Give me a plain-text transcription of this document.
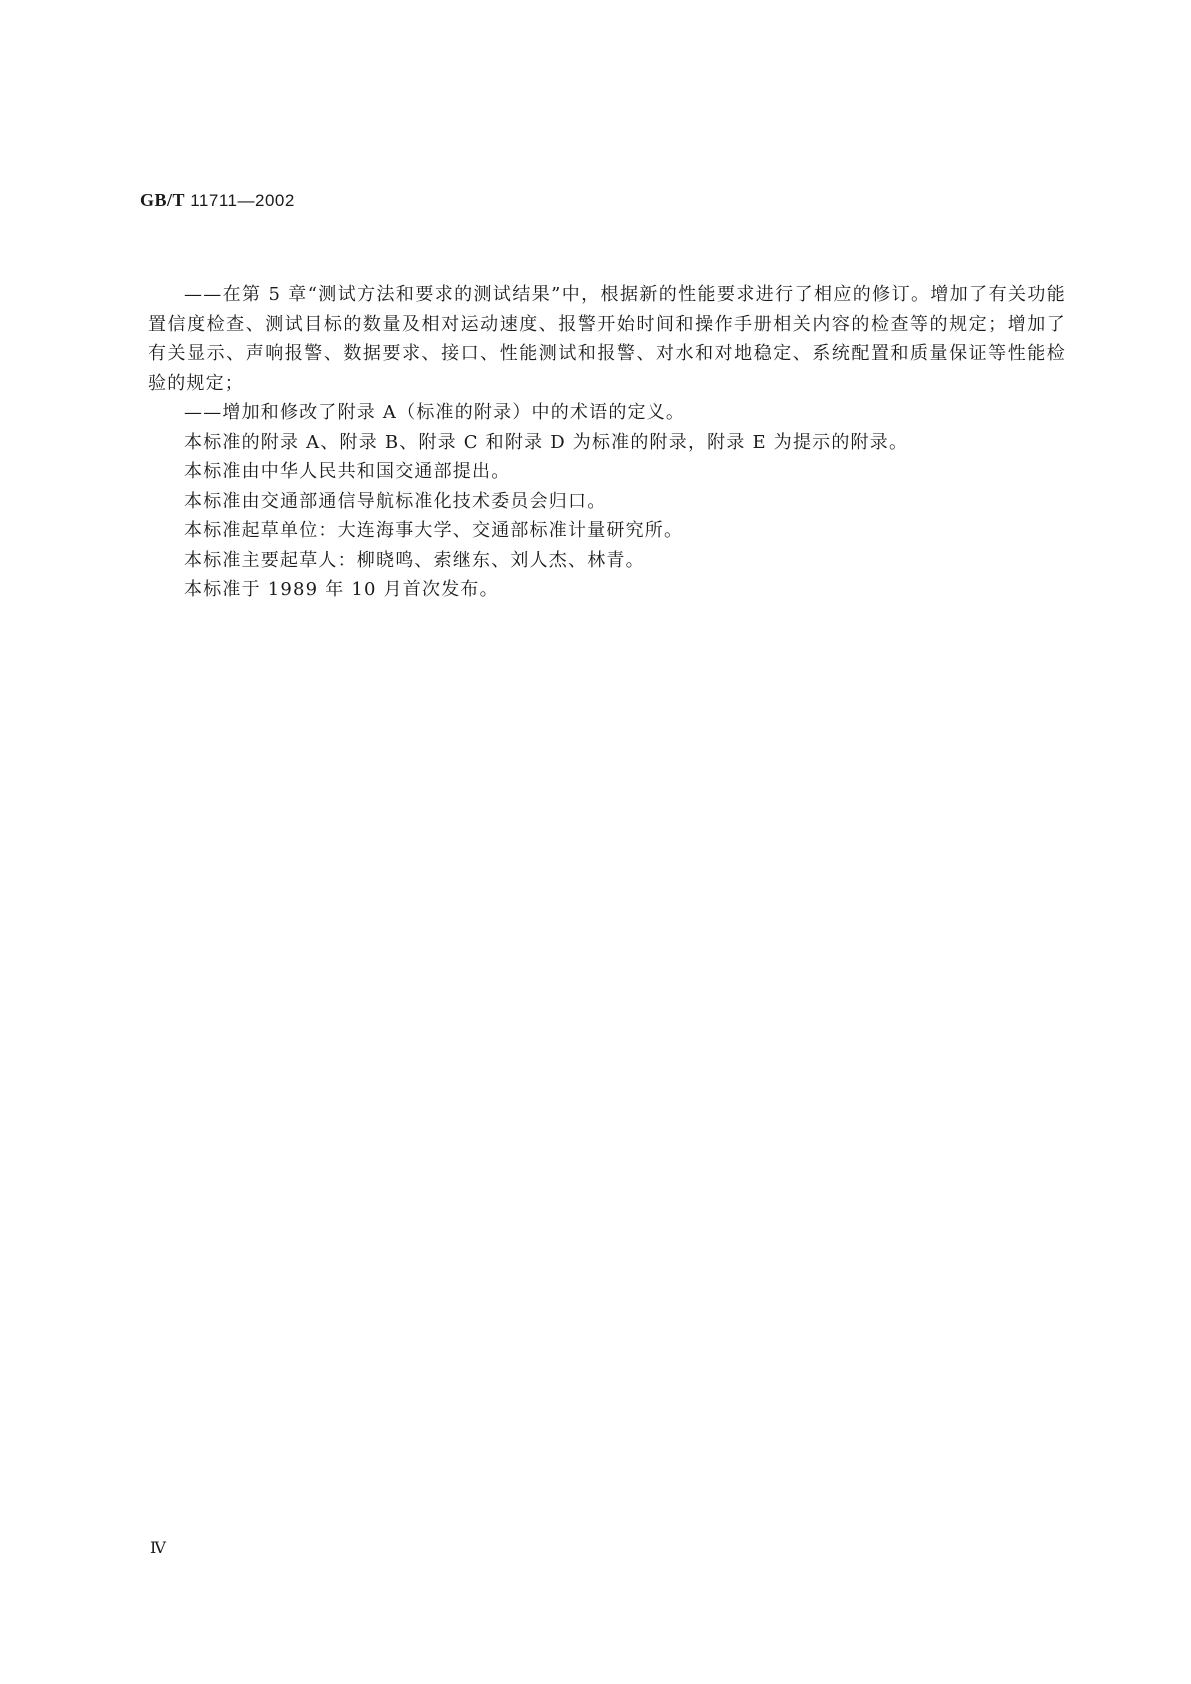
GB/T 11711—2002

——在第 5 章“测试方法和要求的测试结果”中，根据新的性能要求进行了相应的修订。增加了有关功能置信度检查、测试目标的数量及相对运动速度、报警开始时间和操作手册相关内容的检查等的规定；增加了有关显示、声响报警、数据要求、接口、性能测试和报警、对水和对地稳定、系统配置和质量保证等性能检验的规定；

——增加和修改了附录 A（标准的附录）中的术语的定义。

本标准的附录 A、附录 B、附录 C 和附录 D 为标准的附录，附录 E 为提示的附录。

本标准由中华人民共和国交通部提出。

本标准由交通部通信导航标准化技术委员会归口。

本标准起草单位：大连海事大学、交通部标准计量研究所。

本标准主要起草人：柳晓鸣、索继东、刘人杰、林青。

本标准于 1989 年 10 月首次发布。

Ⅳ
